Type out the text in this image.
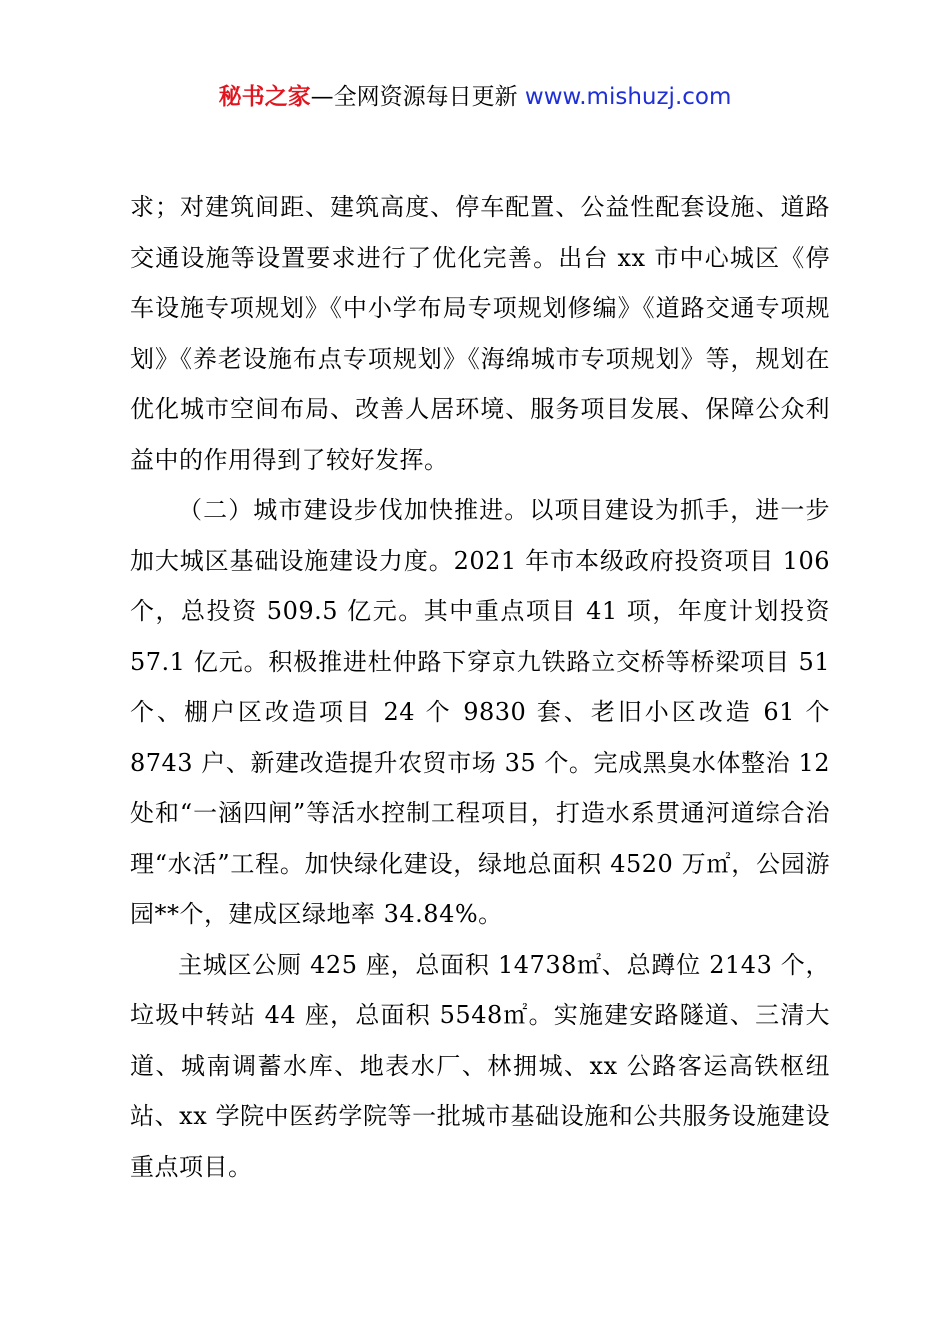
秘书之家—全网资源每日更新 www.mishuzj.com

求；对建筑间距、建筑高度、停车配置、公益性配套设施、道路交通设施等设置要求进行了优化完善。出台 xx 市中心城区《停车设施专项规划》《中小学布局专项规划修编》《道路交通专项规划》《养老设施布点专项规划》《海绵城市专项规划》等，规划在优化城市空间布局、改善人居环境、服务项目发展、保障公众利益中的作用得到了较好发挥。

（二）城市建设步伐加快推进。以项目建设为抓手，进一步加大城区基础设施建设力度。2021 年市本级政府投资项目 106 个，总投资 509.5 亿元。其中重点项目 41 项，年度计划投资 57.1 亿元。积极推进杜仲路下穿京九铁路立交桥等桥梁项目 51 个、棚户区改造项目 24 个 9830 套、老旧小区改造 61 个 8743 户、新建改造提升农贸市场 35 个。完成黑臭水体整治 12 处和“一涵四闸”等活水控制工程项目，打造水系贯通河道综合治理“水活”工程。加快绿化建设，绿地总面积 4520 万㎡，公园游园**个，建成区绿地率 34.84%。

主城区公厕 425 座，总面积 14738㎡、总蹲位 2143 个，垃圾中转站 44 座，总面积 5548㎡。实施建安路隧道、三清大道、城南调蓄水库、地表水厂、林拥城、xx 公路客运高铁枢纽站、xx 学院中医药学院等一批城市基础设施和公共服务设施建设重点项目。
